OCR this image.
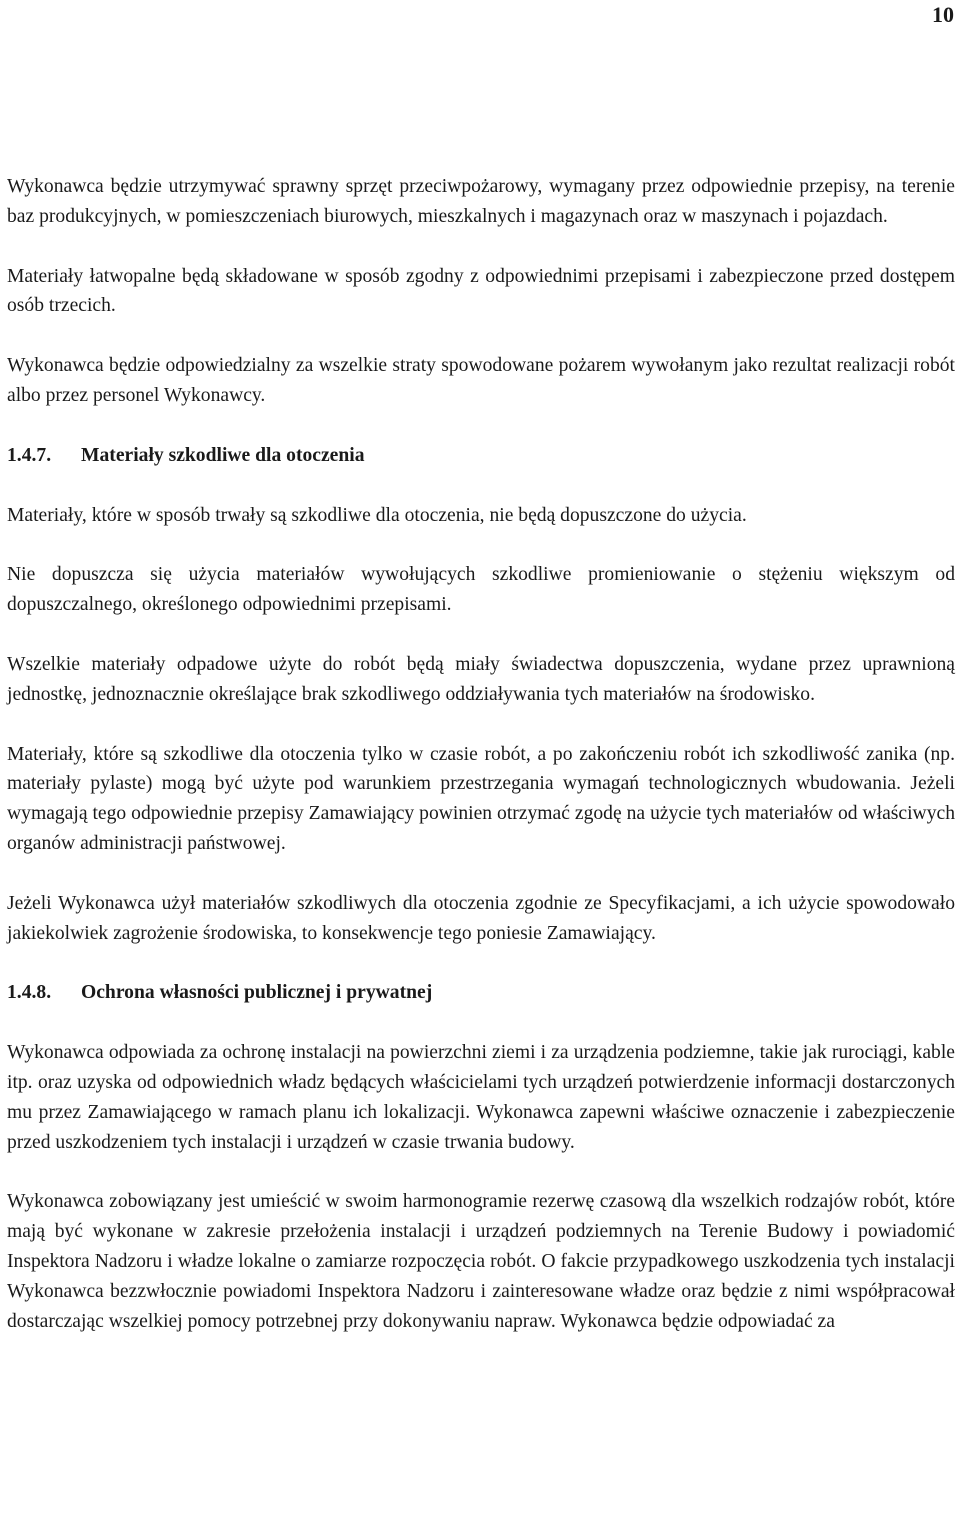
10

Wykonawca będzie utrzymywać sprawny sprzęt przeciwpożarowy, wymagany przez odpowiednie przepisy, na terenie baz produkcyjnych, w pomieszczeniach biurowych, mieszkalnych i magazynach oraz w maszynach i pojazdach.

Materiały łatwopalne będą składowane w sposób zgodny z odpowiednimi przepisami i zabezpieczone przed dostępem osób trzecich.

Wykonawca będzie odpowiedzialny za wszelkie straty spowodowane pożarem wywołanym jako rezultat realizacji robót albo przez personel Wykonawcy.

1.4.7. Materiały szkodliwe dla otoczenia

Materiały, które w sposób trwały są szkodliwe dla otoczenia, nie będą dopuszczone do użycia.

Nie dopuszcza się użycia materiałów wywołujących szkodliwe promieniowanie o stężeniu większym od dopuszczalnego, określonego odpowiednimi przepisami.

Wszelkie materiały odpadowe użyte do robót będą miały świadectwa dopuszczenia, wydane przez uprawnioną jednostkę, jednoznacznie określające brak szkodliwego oddziaływania tych materiałów na środowisko.

Materiały, które są szkodliwe dla otoczenia tylko w czasie robót, a po zakończeniu robót ich szkodliwość zanika (np. materiały pylaste) mogą być użyte pod warunkiem przestrzegania wymagań technologicznych wbudowania. Jeżeli wymagają tego odpowiednie przepisy Zamawiający powinien otrzymać zgodę na użycie tych materiałów od właściwych organów administracji państwowej.

Jeżeli Wykonawca użył materiałów szkodliwych dla otoczenia zgodnie ze Specyfikacjami, a ich użycie spowodowało jakiekolwiek zagrożenie środowiska, to konsekwencje tego poniesie Zamawiający.

1.4.8. Ochrona własności publicznej i prywatnej

Wykonawca odpowiada za ochronę instalacji na powierzchni ziemi i za urządzenia podziemne, takie jak rurociągi, kable itp. oraz uzyska od odpowiednich władz będących właścicielami tych urządzeń potwierdzenie informacji dostarczonych mu przez Zamawiającego w ramach planu ich lokalizacji. Wykonawca zapewni właściwe oznaczenie i zabezpieczenie przed uszkodzeniem tych instalacji i urządzeń w czasie trwania budowy.

Wykonawca zobowiązany jest umieścić w swoim harmonogramie rezerwę czasową dla wszelkich rodzajów robót, które mają być wykonane w zakresie przełożenia instalacji i urządzeń podziemnych na Terenie Budowy i powiadomić Inspektora Nadzoru i władze lokalne o zamiarze rozpoczęcia robót. O fakcie przypadkowego uszkodzenia tych instalacji Wykonawca bezzwłocznie powiadomi Inspektora Nadzoru i zainteresowane władze oraz będzie z nimi współpracował dostarczając wszelkiej pomocy potrzebnej przy dokonywaniu napraw. Wykonawca będzie odpowiadać za
